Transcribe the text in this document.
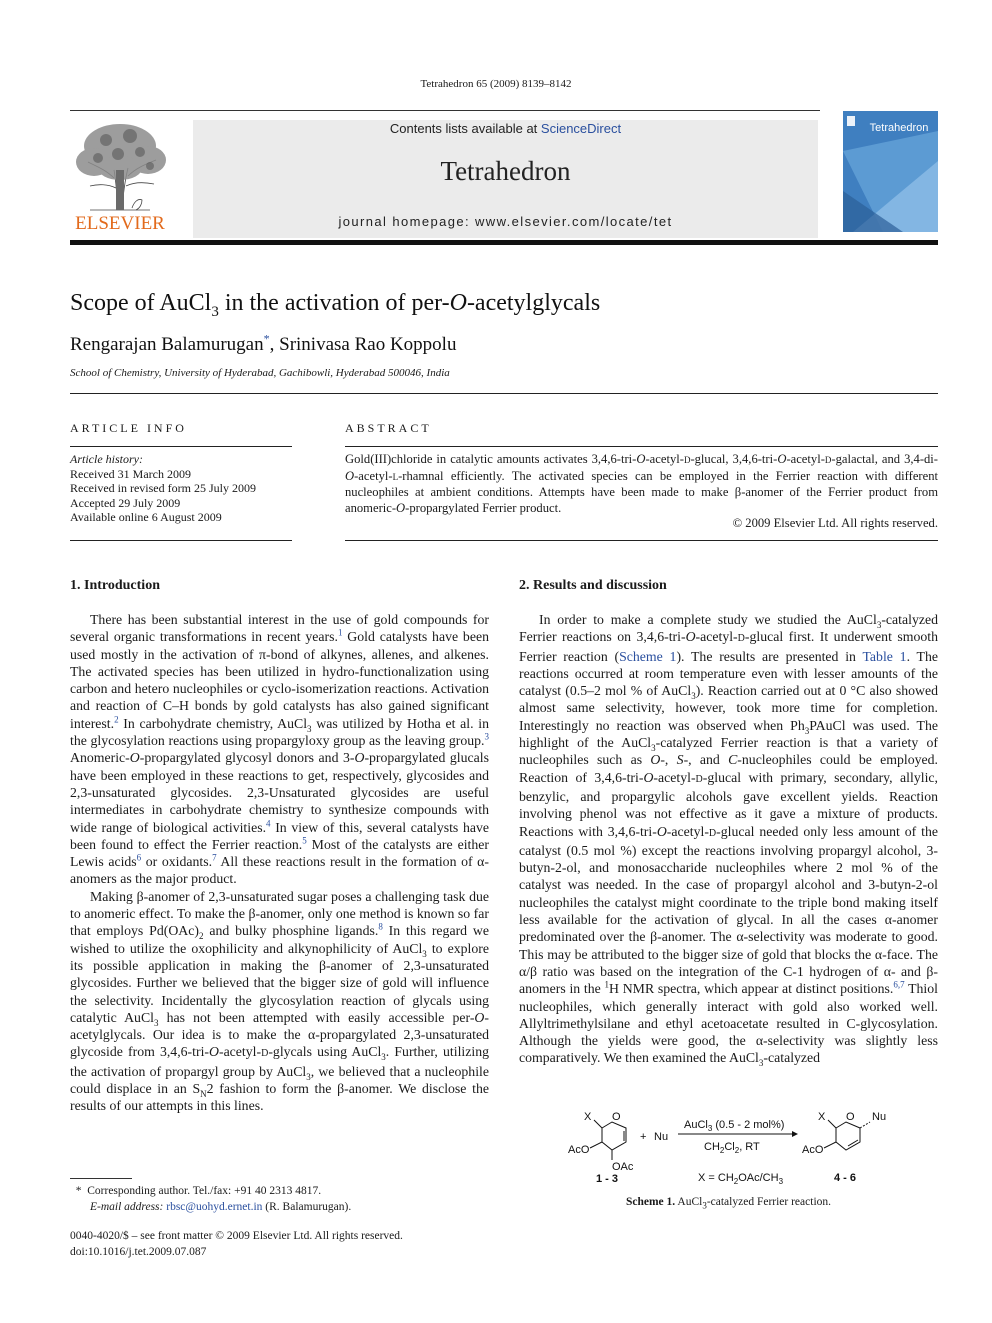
Tetrahedron 65 (2009) 8139–8142
ELSEVIER
Contents lists available at ScienceDirect
Tetrahedron
journal homepage: www.elsevier.com/locate/tet
Tetrahedron
Scope of AuCl$_3$ in the activation of per-O-acetylglycals
Rengarajan Balamurugan*, Srinivasa Rao Koppolu
School of Chemistry, University of Hyderabad, Gachibowli, Hyderabad 500046, India
ARTICLE INFO
Article history:
Received 31 March 2009
Received in revised form 25 July 2009
Accepted 29 July 2009
Available online 6 August 2009
ABSTRACT
Gold(III)chloride in catalytic amounts activates 3,4,6-tri-O-acetyl-D-glucal, 3,4,6-tri-O-acetyl-D-galactal, and 3,4-di-O-acetyl-L-rhamnal efficiently. The activated species can be employed in the Ferrier reaction with different nucleophiles at ambient conditions. Attempts have been made to make β-anomer of the Ferrier product from anomeric-O-propargylated Ferrier product.
© 2009 Elsevier Ltd. All rights reserved.
1. Introduction

There has been substantial interest in the use of gold compounds for several organic transformations in recent years.$^1$ Gold catalysts have been used mostly in the activation of π-bond of alkynes, allenes, and alkenes. The activated species has been utilized in hydro-functionalization using carbon and hetero nucleophiles or cyclo-isomerization reactions. Activation and reaction of C–H bonds by gold catalysts has also gained significant interest.$^2$ In carbohydrate chemistry, AuCl$_3$ was utilized by Hotha et al. in the glycosylation reactions using propargyloxy group as the leaving group.$^3$ Anomeric-O-propargylated glycosyl donors and 3-O-propargylated glucals have been employed in these reactions to get, respectively, glycosides and 2,3-unsaturated glycosides. 2,3-Unsaturated glycosides are useful intermediates in carbohydrate chemistry to synthesize compounds with wide range of biological activities.$^4$ In view of this, several catalysts have been found to effect the Ferrier reaction.$^5$ Most of the catalysts are either Lewis acids$^6$ or oxidants.$^7$ All these reactions result in the formation of α-anomers as the major product.

Making β-anomer of 2,3-unsaturated sugar poses a challenging task due to anomeric effect. To make the β-anomer, only one method is known so far that employs $Pd(OAc)_2$ and bulky phosphine ligands.$^8$ In this regard we wished to utilize the oxophilicity and alkynophilicity of AuCl$_3$ to explore its possible application in making the β-anomer of 2,3-unsaturated glycosides. Further we believed that the bigger size of gold will influence the selectivity. Incidentally the glycosylation reaction of glycals using catalytic AuCl$_3$ has not been attempted with easily accessible per-O-acetylglycals. Our idea is to make the α-propargylated 2,3-unsaturated glycoside from 3,4,6-tri-O-acetyl-D-glycals using AuCl$_3$. Further, utilizing the activation of propargyl group by AuCl$_3$, we believed that a nucleophile could displace in an $S_N2$ fashion to form the β-anomer. We disclose the results of our attempts in this lines.

2. Results and discussion

In order to make a complete study we studied the AuCl$_3$-catalyzed Ferrier reactions on 3,4,6-tri-O-acetyl-D-glucal first. It underwent smooth Ferrier reaction (Scheme 1). The results are presented in Table 1. The reactions occurred at room temperature even with lesser amounts of the catalyst (0.5–2 mol % of AuCl$_3$). Reaction carried out at 0 °C also showed almost same selectivity, however, took more time for completion. Interestingly no reaction was observed when $Ph_3PAuCl$ was used. The highlight of the AuCl$_3$-catalyzed Ferrier reaction is that a variety of nucleophiles such as O-, S-, and C-nucleophiles could be employed. Reaction of 3,4,6-tri-O-acetyl-D-glucal with primary, secondary, allylic, benzylic, and propargylic alcohols gave excellent yields. Reaction involving phenol was not effective as it gave a mixture of products. Reactions with 3,4,6-tri-O-acetyl-D-glucal needed only less amount of the catalyst (0.5 mol %) except the reactions involving propargyl alcohol, 3-butyn-2-ol, and monosaccharide nucleophiles where 2 mol % of the catalyst was needed. In the case of propargyl alcohol and 3-butyn-2-ol nucleophiles the catalyst might coordinate to the triple bond making itself less available for the activation of glycal. In all the cases α-anomer predominated over the β-anomer. The α-selectivity was moderate to good. This may be attributed to the bigger size of gold that blocks the α-face. The α/β ratio was based on the integration of the C-1 hydrogen of α- and β-anomers in the $^1$H NMR spectra, which appear at distinct positions.$^{6,7}$ Thiol nucleophiles, which generally interact with gold also worked well. Allyltrimethylsilane and ethyl acetoacetate resulted in C-glycosylation. Although the yields were good, the α-selectivity was slightly less comparatively. We then examined the AuCl$_3$-catalyzed

X O
AcO
OAc
1 - 3
+ Nu
AuCl$_3$ (0.5 - 2 mol%)
$CH_2Cl_2$, RT
$X = CH_2OAc/CH_3$
X O Nu
AcO
4 - 6
Scheme 1. AuCl$_3$-catalyzed Ferrier reaction.
* Corresponding author. Tel./fax: +91 40 2313 4817.
E-mail address: rbsc@uohyd.ernet.in (R. Balamurugan).
0040-4020/$ – see front matter © 2009 Elsevier Ltd. All rights reserved.
doi:10.1016/j.tet.2009.07.087
